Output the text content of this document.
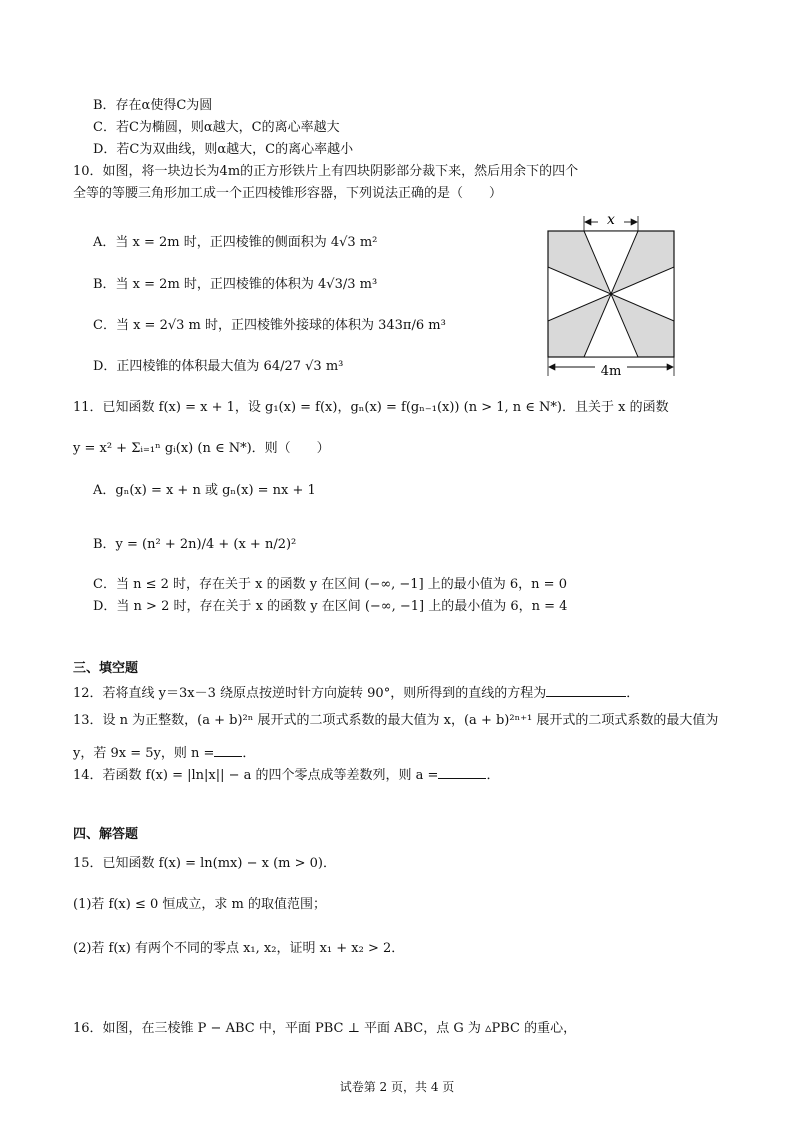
B．存在α使得C为圆
C．若C为椭圆，则α越大，C的离心率越大
D．若C为双曲线，则α越大，C的离心率越小
10．如图，将一块边长为4m的正方形铁片上有四块阴影部分裁下来，然后用余下的四个
全等的等腰三角形加工成一个正四棱锥形容器，下列说法正确的是（　　）
A．当 x = 2m 时，正四棱锥的侧面积为 4√3 m²
B．当 x = 2m 时，正四棱锥的体积为 4√3/3 m³
C．当 x = 2√3 m 时，正四棱锥外接球的体积为 343π/6 m³
D．正四棱锥的体积最大值为 64/27 √3 m³
x
4m
11．已知函数 f(x) = x + 1，设 g₁(x) = f(x)，gₙ(x) = f(gₙ₋₁(x)) (n > 1, n ∈ N*)．且关于 x 的函数
y = x² + Σᵢ₌₁ⁿ gᵢ(x) (n ∈ N*)．则（　　）
A．gₙ(x) = x + n 或 gₙ(x) = nx + 1
B．y = (n² + 2n)/4 + (x + n/2)²
C．当 n ≤ 2 时，存在关于 x 的函数 y 在区间 (−∞, −1] 上的最小值为 6，n = 0
D．当 n > 2 时，存在关于 x 的函数 y 在区间 (−∞, −1] 上的最小值为 6，n = 4
三、填空题
12．若将直线 y＝3x－3 绕原点按逆时针方向旋转 90°，则所得到的直线的方程为	．
13．设 n 为正整数，(a + b)²ⁿ 展开式的二项式系数的最大值为 x，(a + b)²ⁿ⁺¹ 展开式的二项式系数的最大值为
y，若 9x = 5y，则 n = ．
14．若函数 f(x) = |ln|x|| − a 的四个零点成等差数列，则 a =	．
四、解答题
15．已知函数 f(x) = ln(mx) − x (m > 0)．
(1)若 f(x) ≤ 0 恒成立，求 m 的取值范围；
(2)若 f(x) 有两个不同的零点 x₁, x₂，证明 x₁ + x₂ > 2．
16．如图，在三棱锥 P − ABC 中，平面 PBC ⊥ 平面 ABC，点 G 为 ▵PBC 的重心，
试卷第 2 页，共 4 页
